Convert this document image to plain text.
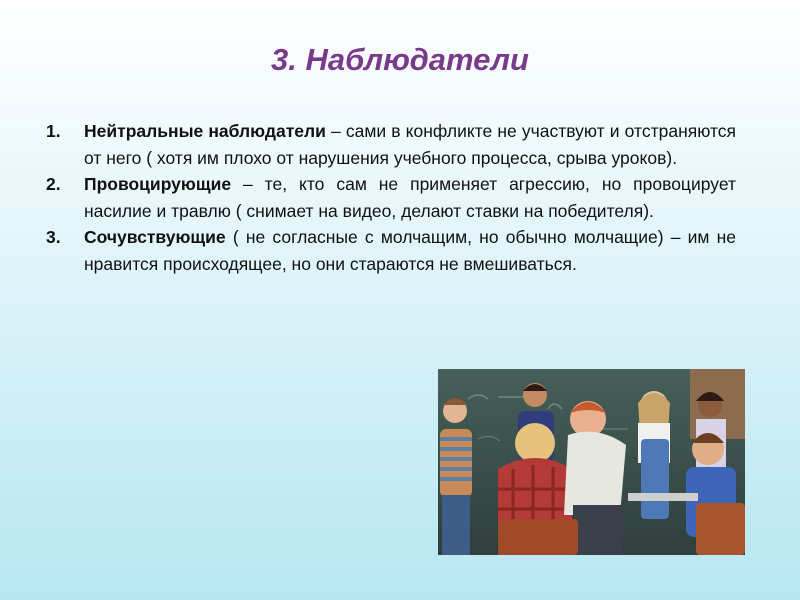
3. Наблюдатели
1. Нейтральные наблюдатели – сами в конфликте не участвуют и отстраняются от него ( хотя им плохо от нарушения учебного процесса, срыва уроков).
2. Провоцирующие – те, кто сам не применяет агрессию, но провоцирует насилие и травлю ( снимает на видео, делают ставки на победителя).
3. Сочувствующие ( не согласные с молчащим, но обычно молчащие) – им не нравится происходящее, но они стараются не вмешиваться.
